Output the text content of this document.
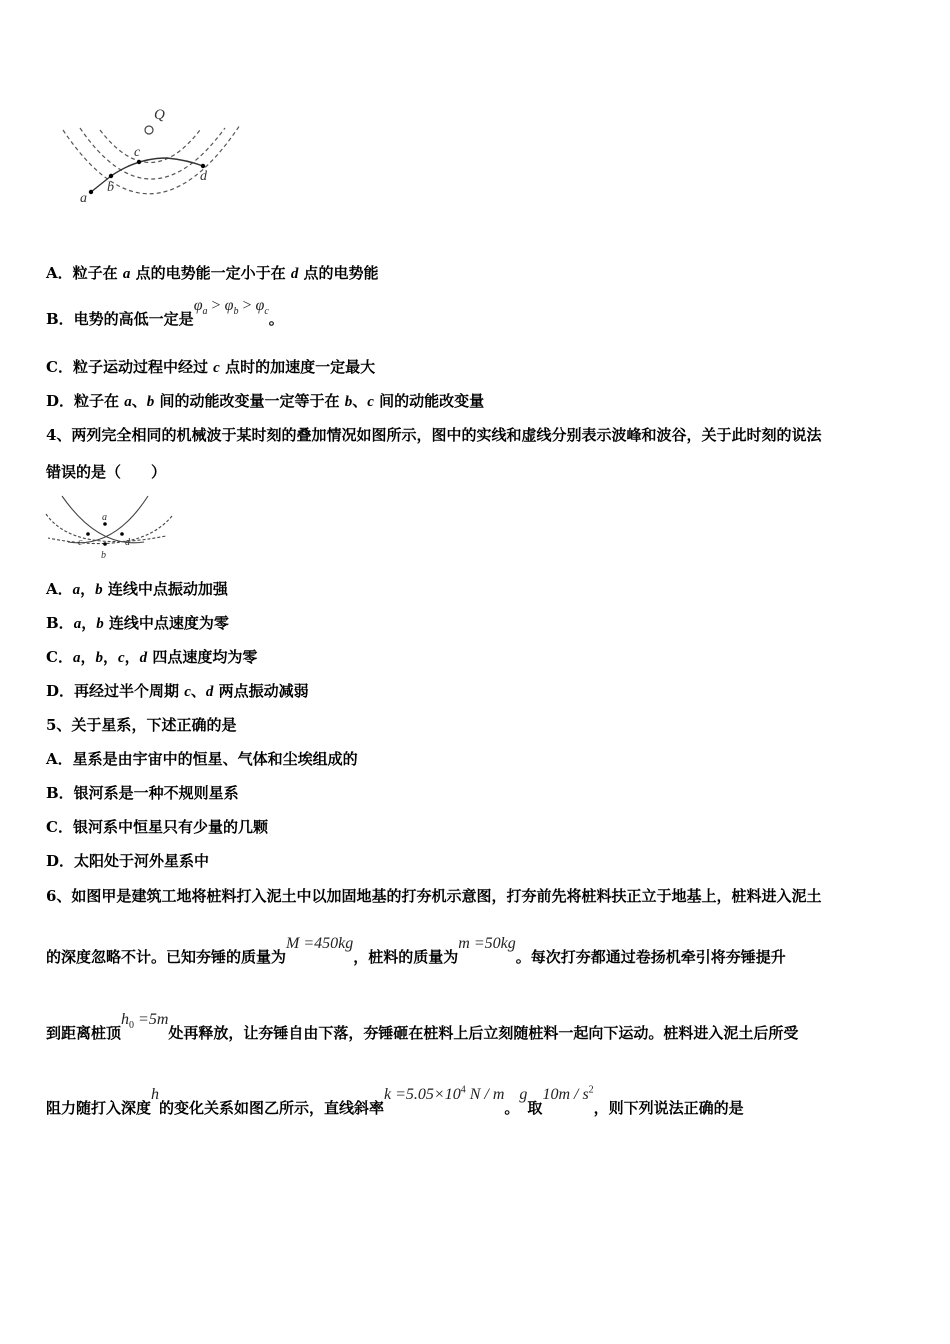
Q
a
b
c
d
A．粒子在 a 点的电势能一定小于在 d 点的电势能
B．电势的高低一定是$\varphi_a > \varphi_b > \varphi_c$。
C．粒子运动过程中经过 c 点时的加速度一定最大
D．粒子在 a、b 间的动能改变量一定等于在 b、c 间的动能改变量
4、两列完全相同的机械波于某时刻的叠加情况如图所示，图中的实线和虚线分别表示波峰和波谷，关于此时刻的说法
错误的是（　　）
a
b
c	d
A．a，b 连线中点振动加强
B．a，b 连线中点速度为零
C．a，b，c，d 四点速度均为零
D．再经过半个周期 c、d 两点振动减弱
5、关于星系，下述正确的是
A．星系是由宇宙中的恒星、气体和尘埃组成的
B．银河系是一种不规则星系
C．银河系中恒星只有少量的几颗
D．太阳处于河外星系中
6、如图甲是建筑工地将桩料打入泥土中以加固地基的打夯机示意图，打夯前先将桩料扶正立于地基上，桩料进入泥土
的深度忽略不计。已知夯锤的质量为M =450kg，桩料的质量为m =50kg。每次打夯都通过卷扬机牵引将夯锤提升
到距离桩顶$h_0 =5m$处再释放，让夯锤自由下落，夯锤砸在桩料上后立刻随桩料一起向下运动。桩料进入泥土后所受
阻力随打入深度h的变化关系如图乙所示，直线斜率$k =5.05\times 10^4$ N / m。g取$10m / s^2$，则下列说法正确的是
